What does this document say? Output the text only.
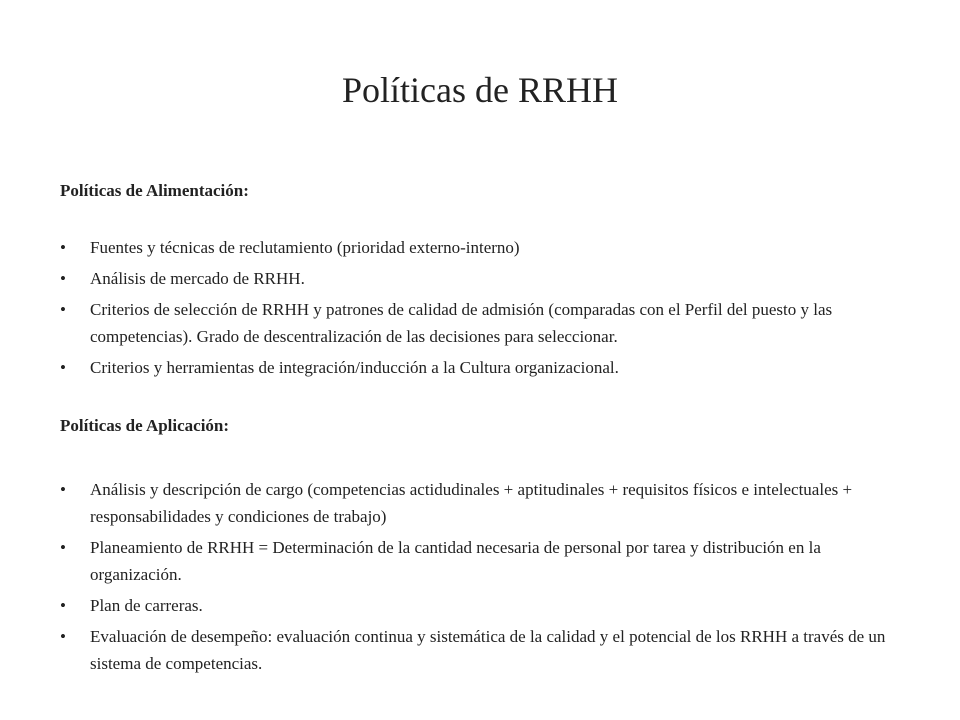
Políticas de RRHH
Políticas de Alimentación:
• Fuentes y técnicas de reclutamiento (prioridad externo-interno)
• Análisis de mercado de RRHH.
• Criterios de selección de RRHH y patrones de calidad de admisión (comparadas con el Perfil del puesto y las competencias). Grado de descentralización de las decisiones para seleccionar.
• Criterios y herramientas de integración/inducción a la Cultura organizacional.
Políticas de Aplicación:
• Análisis y descripción de cargo (competencias actidudinales + aptitudinales + requisitos físicos e intelectuales + responsabilidades y condiciones de trabajo)
• Planeamiento de RRHH = Determinación de la cantidad necesaria de personal por tarea y distribución en la organización.
• Plan de carreras.
• Evaluación de desempeño: evaluación continua y sistemática de la calidad y el potencial de los RRHH a través de un sistema de competencias.
